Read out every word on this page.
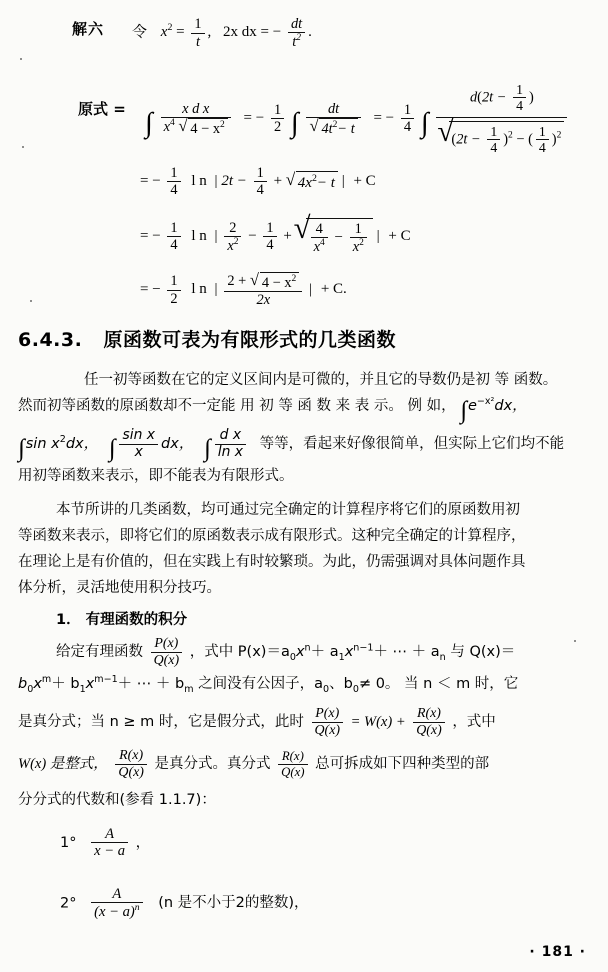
解六 令 $x^2 = \frac{1}{t}$ , 2x dx = − $\frac{dt}{t^2}$ .
原式 = ∫ $\frac{\text{x d x}}{x^4 √ 4 - x^2}$ = − $\frac{1}{2}$ ∫ dt
√ $4t^2- t$ = − $\frac{1}{4}$ ∫
$d(2t - \frac{1}{4}$ )
√ $(2t - \frac{1}{4} )^2$ − ( $\frac{1}{4} )^2$
= − $\frac{1}{4}$ l n | $2t - \frac{1}{4}$ + √ $4x^2- t$ | + C
= − $\frac{1}{4}$ l n | $\frac{2}{x^2} - \frac{1}{4}$ + √ $\frac{4}{x^4} - \frac{1}{x^2}$ | + C
= − $\frac{1}{2}$ l n | $\frac{2 + √ 4 - x^2}{2x}$ | + C.
6.4.3. 原函数可表为有限形式的几类函数
任一初等函数在它的定义区间内是可微的，并且它的导数仍是初 等 函数。
然而初等函数的原函数却不一定能 用 初 等 函 数 来 表 示。 例 如， $\int e^{-x^2}dx$，
∫sin $x^2dx$， ∫ $\frac{\text{sin x}}{x}$ dx， ∫ $\frac{\text{d x}}{\text{ln x}}$ 等等，看起来好像很简单，但实际上它们均不能
用初等函数来表示，即不能表为有限形式。
本节所讲的几类函数，均可通过完全确定的计算程序将它们的原函数用初
等函数来表示，即将它们的原函数表示成有限形式。这种完全确定的计算程序，
在理论上是有价值的，但在实践上有时较繁琐。为此，仍需强调对具体问题作具
体分析，灵活地使用积分技巧。
1． 有理函数的积分
给定有理函数 $\frac{P(x)}{Q(x)}$ ，式中 $P(x)=a_0x^n+ a_1x^{n-1}+$ ⋯ ＋ $a_n$ 与 Q(x)＝
$b_0x^m+ b_1x^{m-1}+$ ⋯ ＋ $b_m$ 之间没有公因子，$a_0$、$b_0\ne 0$。 当 n ＜ m 时，它
是真分式；当 n ≥ m 时，它是假分式，此时 $\frac{P(x)}{Q(x)} = W(x) + \frac{R(x)}{Q(x)}$ ，式中
W(x) 是整式， $\frac{R(x)}{Q(x)}$ 是真分式。真分式 $\frac{R(x)}{Q(x)}$ 总可拆成如下四种类型的部
分分式的代数和(参看 1.1.7)：
$1^\circ \frac{A}{x - a}$ ，
$2^\circ \frac{A}{(x - a)^n} (n$ 是不小于2的整数)，
· 181 ·
